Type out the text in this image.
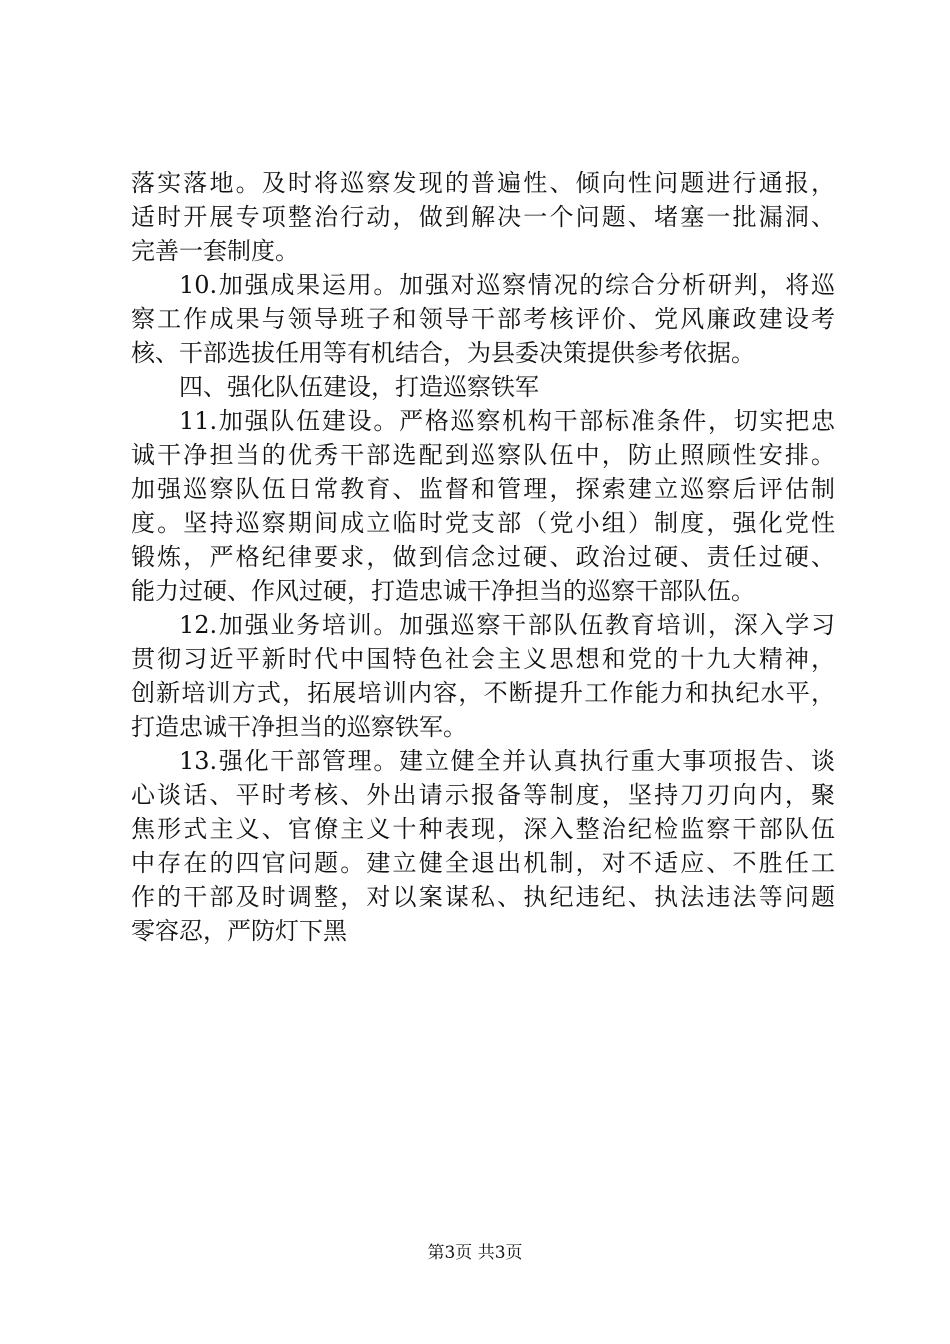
落实落地。及时将巡察发现的普遍性、倾向性问题进行通报，
适时开展专项整治行动，做到解决一个问题、堵塞一批漏洞、
完善一套制度。
10.加强成果运用。加强对巡察情况的综合分析研判，将巡
察工作成果与领导班子和领导干部考核评价、党风廉政建设考
核、干部选拔任用等有机结合，为县委决策提供参考依据。
四、强化队伍建设，打造巡察铁军
11.加强队伍建设。严格巡察机构干部标准条件，切实把忠
诚干净担当的优秀干部选配到巡察队伍中，防止照顾性安排。
加强巡察队伍日常教育、监督和管理，探索建立巡察后评估制
度。坚持巡察期间成立临时党支部（党小组）制度，强化党性
锻炼，严格纪律要求，做到信念过硬、政治过硬、责任过硬、
能力过硬、作风过硬，打造忠诚干净担当的巡察干部队伍。
12.加强业务培训。加强巡察干部队伍教育培训，深入学习
贯彻习近平新时代中国特色社会主义思想和党的十九大精神，
创新培训方式，拓展培训内容，不断提升工作能力和执纪水平，
打造忠诚干净担当的巡察铁军。
13.强化干部管理。建立健全并认真执行重大事项报告、谈
心谈话、平时考核、外出请示报备等制度，坚持刀刃向内，聚
焦形式主义、官僚主义十种表现，深入整治纪检监察干部队伍
中存在的四官问题。建立健全退出机制，对不适应、不胜任工
作的干部及时调整，对以案谋私、执纪违纪、执法违法等问题
零容忍，严防灯下黑
第3页 共3页
